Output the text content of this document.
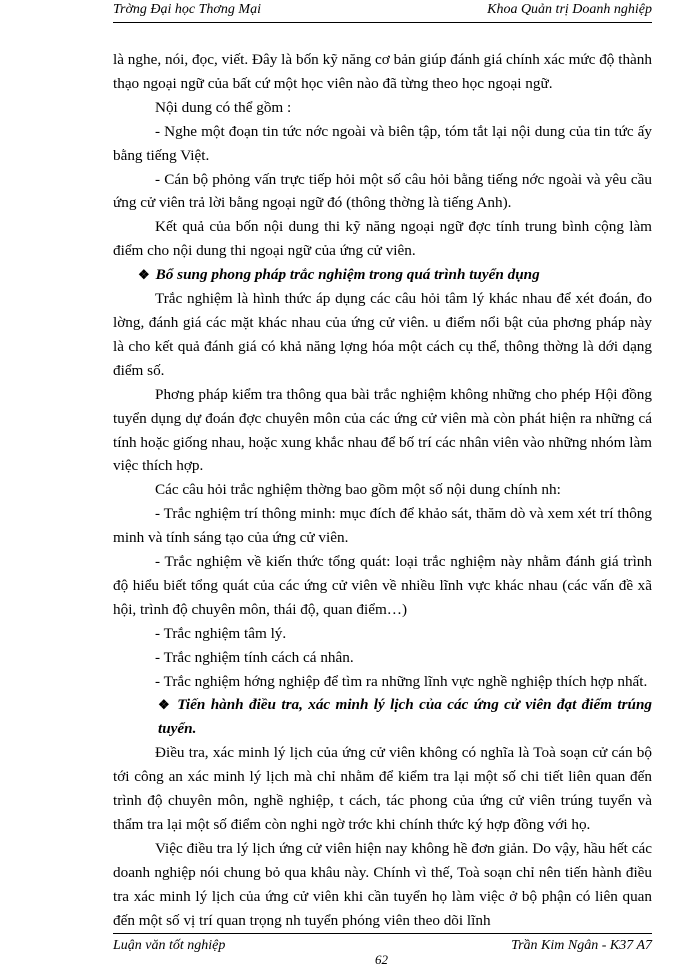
Trờng Đại học Thơng Mại	Khoa Quản trị Doanh nghiệp

là nghe, nói, đọc, viết. Đây là bốn kỹ năng cơ bản giúp đánh giá chính xác mức độ thành thạo ngoại ngữ của bất cứ một học viên nào đã từng theo học ngoại ngữ.

Nội dung có thể gồm :

- Nghe một đoạn tin tức nớc ngoài và biên tập, tóm tắt lại nội dung của tin tức ấy bằng tiếng Việt.

- Cán bộ phỏng vấn trực tiếp hỏi một số câu hỏi bằng tiếng nớc ngoài và yêu cầu ứng cử viên trả lời bằng ngoại ngữ đó (thông thờng là tiếng Anh).

Kết quả của bốn nội dung thi kỹ năng ngoại ngữ đợc tính trung bình cộng làm điểm cho nội dung thi ngoại ngữ của ứng cử viên.

❖ Bổ sung phong pháp trắc nghiệm trong quá trình tuyển dụng

Trắc nghiệm là hình thức áp dụng các câu hỏi tâm lý khác nhau để xét đoán, đo lờng, đánh giá các mặt khác nhau của ứng cử viên. u điểm nổi bật của phơng pháp này là cho kết quả đánh giá có khả năng lợng hóa một cách cụ thể, thông thờng là dới dạng điểm số.

Phơng pháp kiểm tra thông qua bài trắc nghiệm không những cho phép Hội đồng tuyển dụng dự đoán đợc chuyên môn của các ứng cử viên mà còn phát hiện ra những cá tính hoặc giống nhau, hoặc xung khắc nhau để bố trí các nhân viên vào những nhóm làm việc thích hợp.

Các câu hỏi trắc nghiệm thờng bao gồm một số nội dung chính nh:

- Trắc nghiệm trí thông minh: mục đích để khảo sát, thăm dò và xem xét trí thông minh và tính sáng tạo của ứng cử viên.

- Trắc nghiệm về kiến thức tổng quát: loại trắc nghiệm này nhằm đánh giá trình độ hiểu biết tổng quát của các ứng cử viên về nhiều lĩnh vực khác nhau (các vấn đề xã hội, trình độ chuyên môn, thái độ, quan điểm…)

- Trắc nghiệm tâm lý.

- Trắc nghiệm tính cách cá nhân.

- Trắc nghiệm hớng nghiệp để tìm ra những lĩnh vực nghề nghiệp thích hợp nhất.

❖ Tiến hành điều tra, xác minh lý lịch của các ứng cử viên đạt điểm trúng tuyển.

Điều tra, xác minh lý lịch của ứng cử viên không có nghĩa là Toà soạn cử cán bộ tới công an xác minh lý lịch mà chỉ nhằm để kiểm tra lại một số chi tiết liên quan đến trình độ chuyên môn, nghề nghiệp, t cách, tác phong của ứng cử viên trúng tuyển và thẩm tra lại một số điểm còn nghi ngờ trớc khi chính thức ký hợp đồng với họ.

Việc điều tra lý lịch ứng cử viên hiện nay không hề đơn giản. Do vậy, hầu hết các doanh nghiệp nói chung bỏ qua khâu này. Chính vì thế, Toà soạn chỉ nên tiến hành điều tra xác minh lý lịch của ứng cử viên khi cần tuyển họ làm việc ở bộ phận có liên quan đến một số vị trí quan trọng nh tuyển phóng viên theo dõi lĩnh

Luận văn tốt nghiệp	Trần Kim Ngân - K37 A7
62
